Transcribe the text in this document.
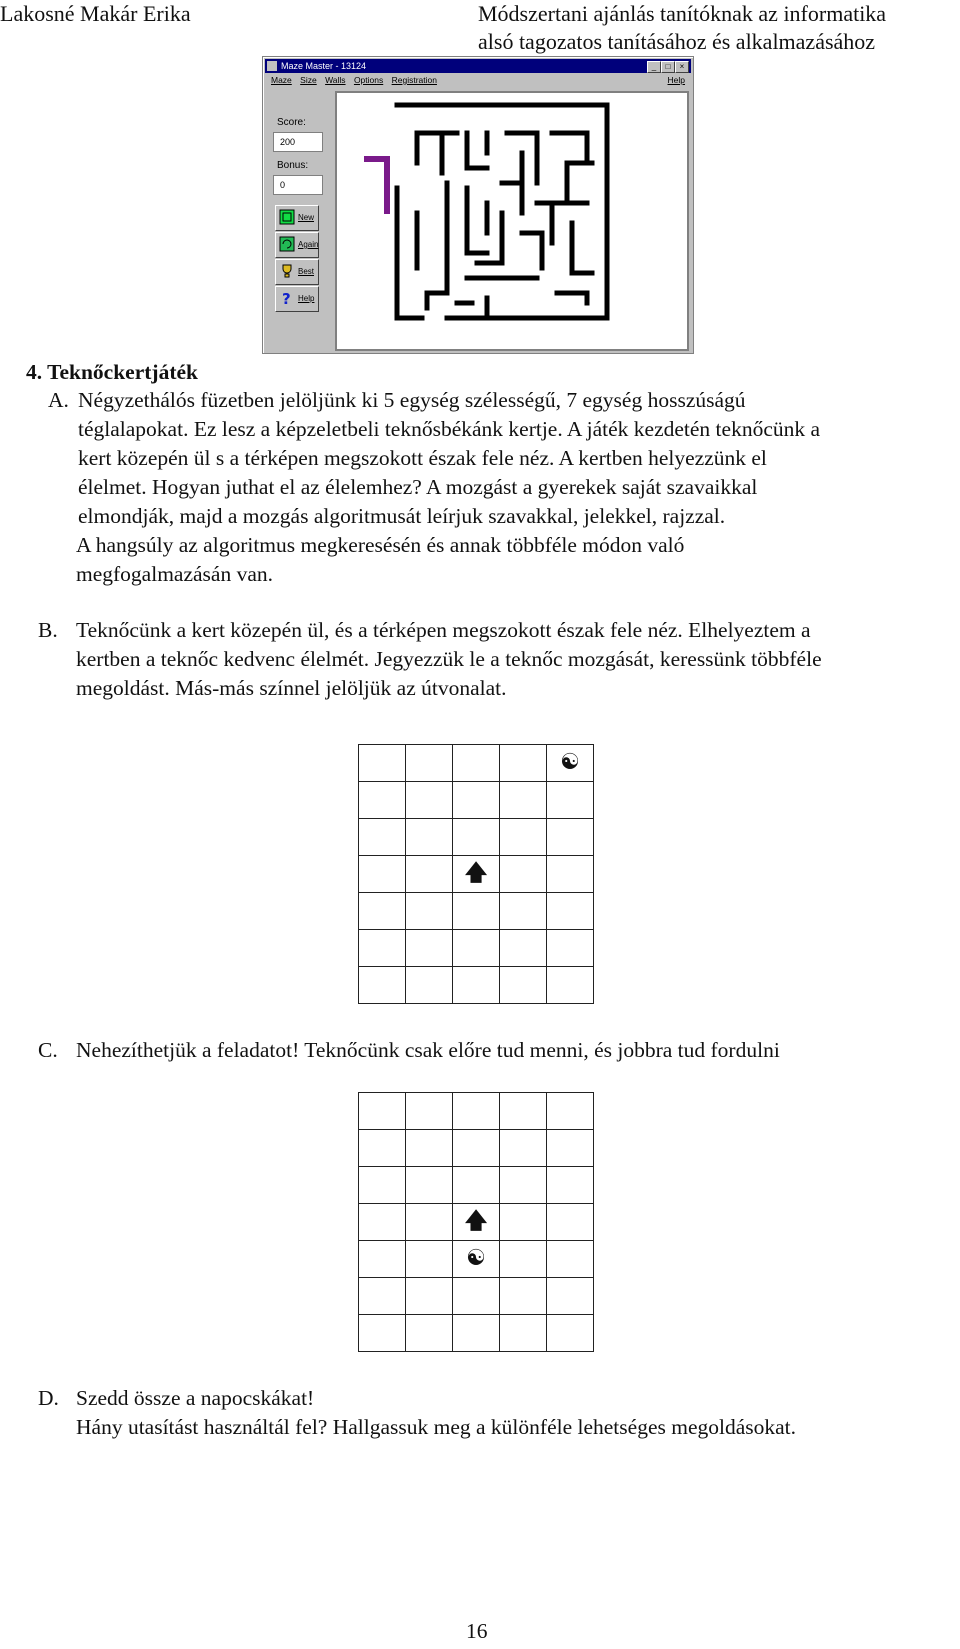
Lakosné Makár Erika	Módszertani ajánlás tanítóknak az informatika
alsó tagozatos tanításához és alkalmazásához
Maze Master - 13124	_	□	×
Maze Size Walls Options Registration	Help
Score:
200
Bonus:
0
New
Again
Best
? Help
4. Teknőckertjáték
A. Négyzethálós füzetben jelöljünk ki 5 egység szélességű, 7 egység hosszúságú
téglalapokat. Ez lesz a képzeletbeli teknősbékánk kertje. A játék kezdetén teknőcünk a
kert közepén ül s a térképen megszokott észak fele néz. A kertben helyezzünk el
élelmet. Hogyan juthat el az élelemhez? A mozgást a gyerekek saját szavaikkal
elmondják, majd a mozgás algoritmusát leírjuk szavakkal, jelekkel, rajzzal.
A hangsúly az algoritmus megkeresésén és annak többféle módon való
megfogalmazásán van.
B. Teknőcünk a kert közepén ül, és a térképen megszokott észak fele néz. Elhelyeztem a
kertben a teknőc kedvenc élelmét. Jegyezzük le a teknőc mozgását, keressünk többféle
megoldást. Más-más színnel jelöljük az útvonalat.
				☯

		🡅		

C. Nehezíthetjük a feladatot! Teknőcünk csak előre tud menni, és jobbra tud fordulni

		🡅		
		☯		

D. Szedd össze a napocskákat!
Hány utasítást használtál fel? Hallgassuk meg a különféle lehetséges megoldásokat.
16
